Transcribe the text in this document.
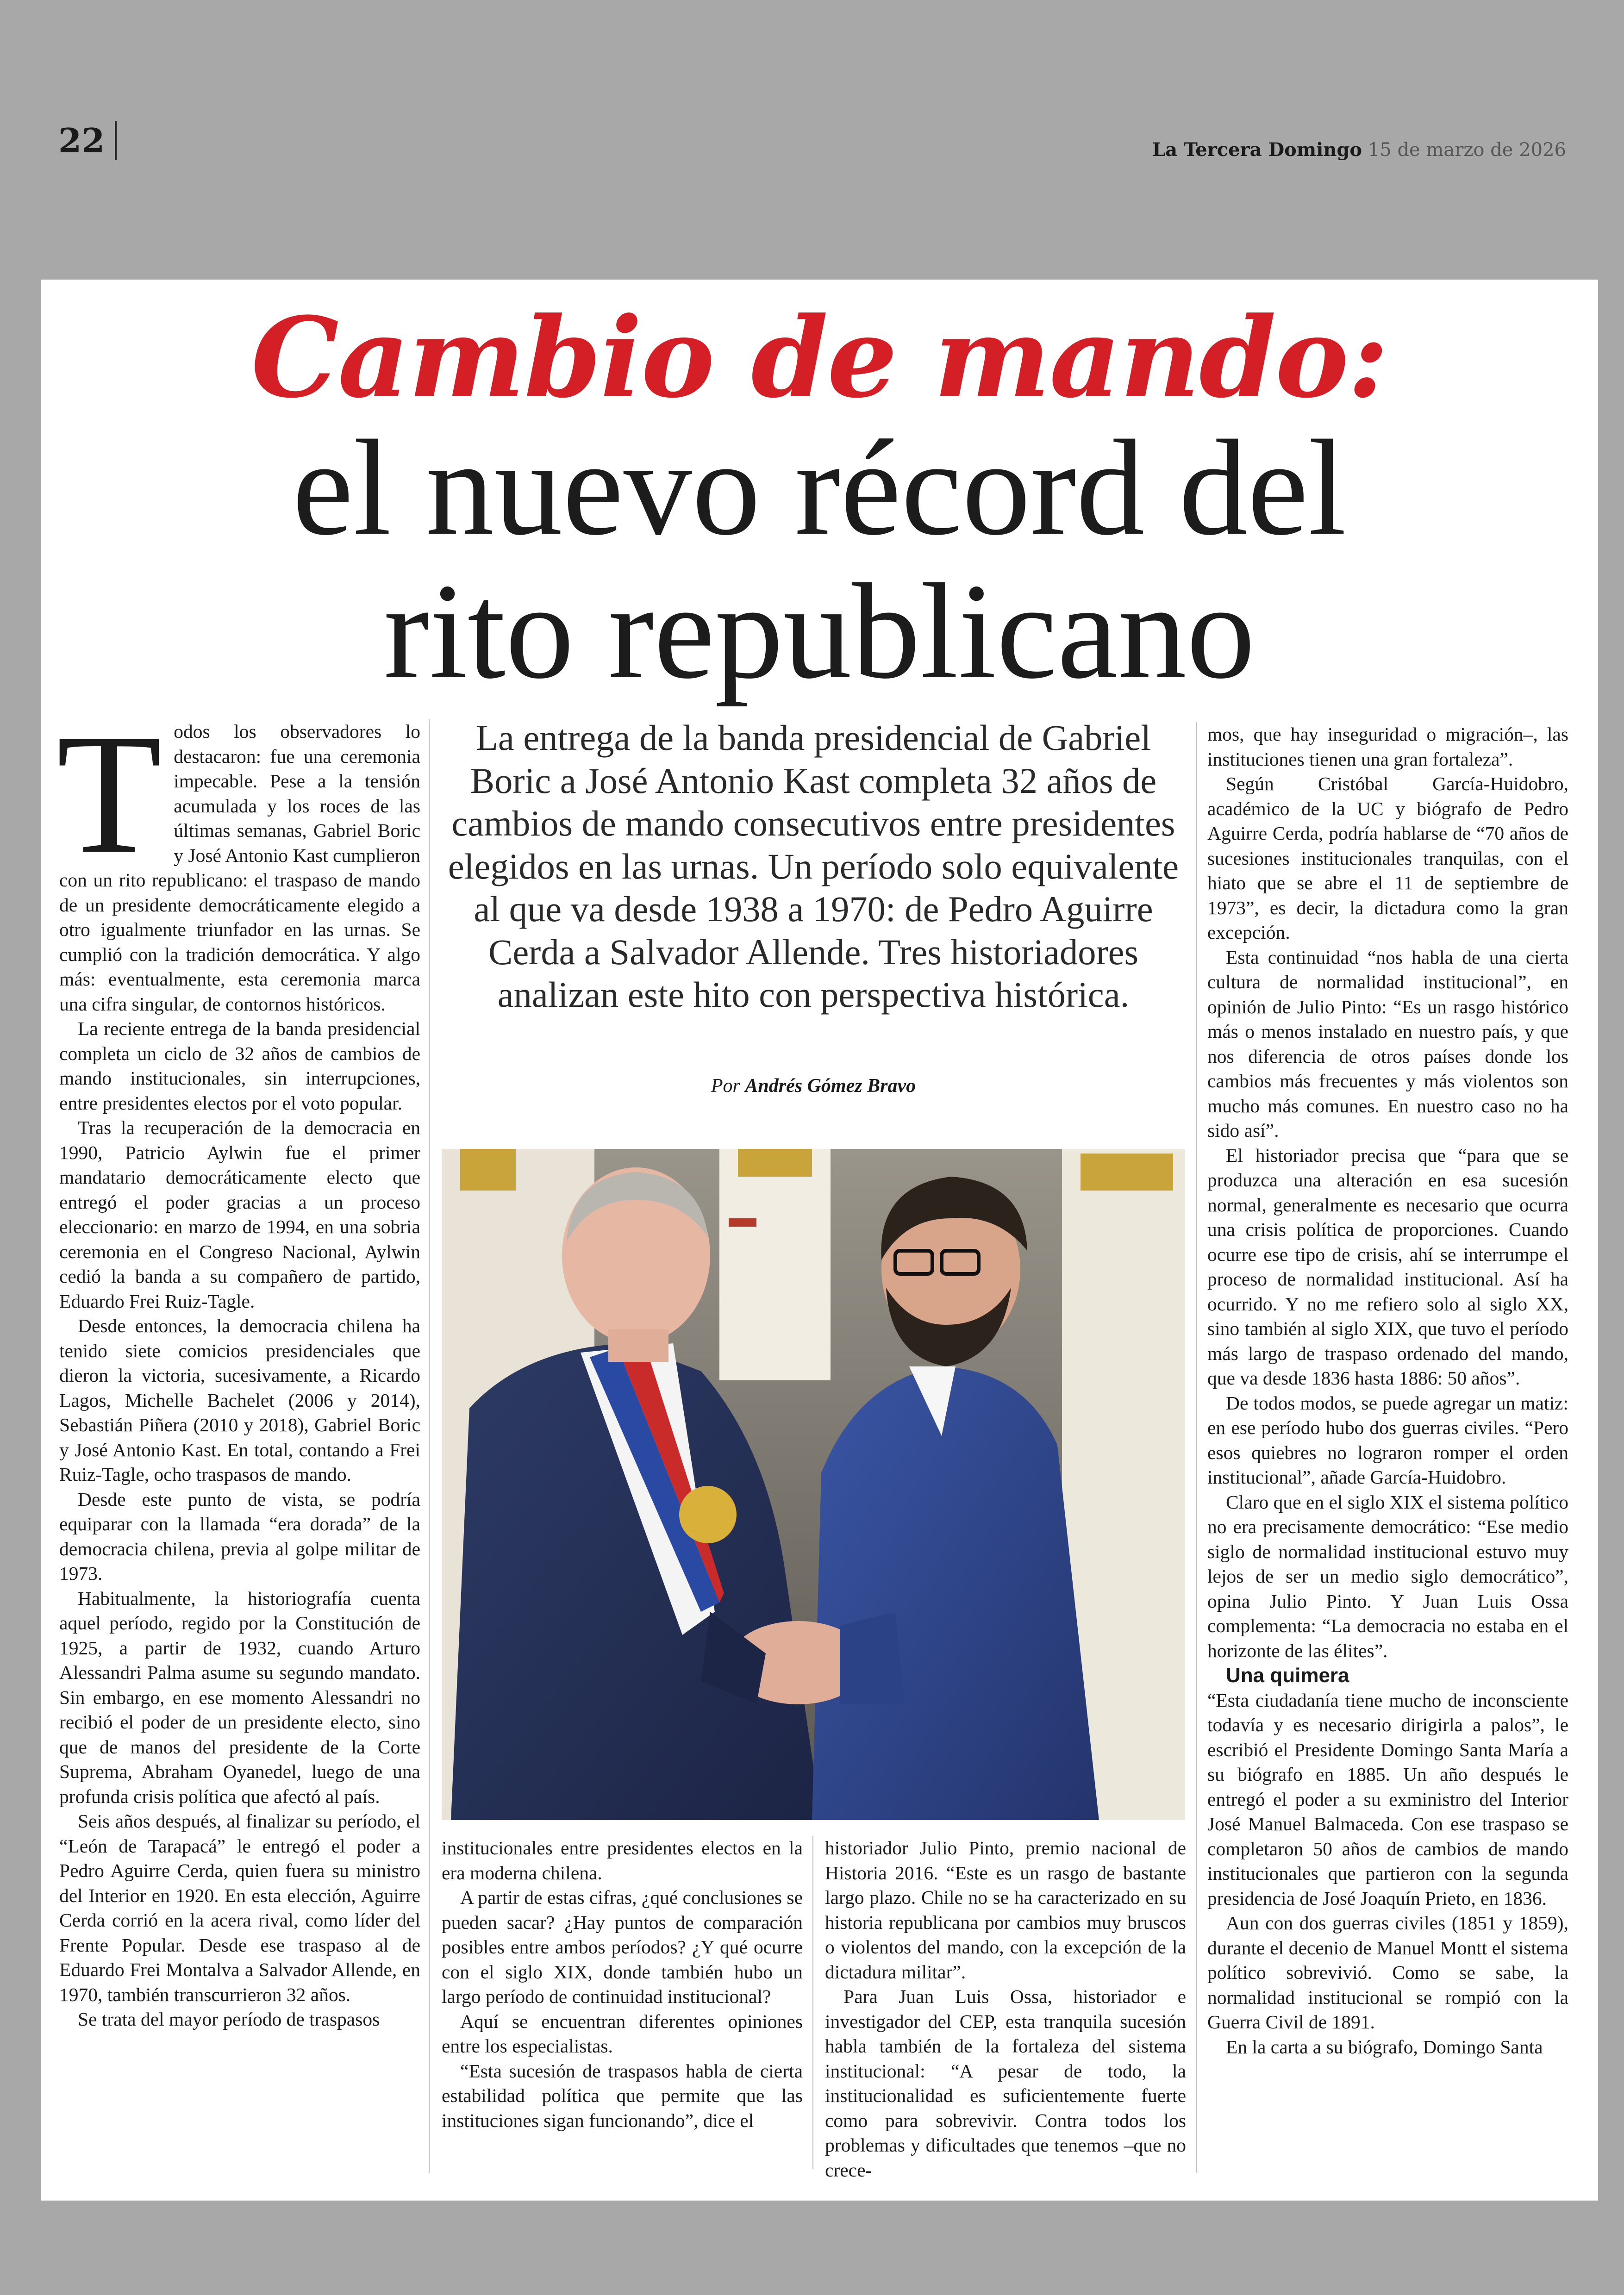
22	La Tercera Domingo 15 de marzo de 2026
Cambio de mando:
el nuevo récord del
rito republicano
T odos los observadores lo destacaron: fue una ceremonia impecable. Pese a la tensión acumulada y los roces de las últimas semanas, Gabriel Boric y José Antonio Kast cumplieron con un rito republicano: el traspaso de mando de un presidente democráticamente elegido a otro igualmente triunfador en las urnas. Se cumplió con la tradición democrática. Y algo más: eventualmente, esta ceremonia marca una cifra singular, de contornos históricos.

La reciente entrega de la banda presidencial completa un ciclo de 32 años de cambios de mando institucionales, sin interrupciones, entre presidentes electos por el voto popular.

Tras la recuperación de la democracia en 1990, Patricio Aylwin fue el primer mandatario democráticamente electo que entregó el poder gracias a un proceso eleccionario: en marzo de 1994, en una sobria ceremonia en el Congreso Nacional, Aylwin cedió la banda a su compañero de partido, Eduardo Frei Ruiz-Tagle.

Desde entonces, la democracia chilena ha tenido siete comicios presidenciales que dieron la victoria, sucesivamente, a Ricardo Lagos, Michelle Bachelet (2006 y 2014), Sebastián Piñera (2010 y 2018), Gabriel Boric y José Antonio Kast. En total, contando a Frei Ruiz-Tagle, ocho traspasos de mando.

Desde este punto de vista, se podría equiparar con la llamada “era dorada” de la democracia chilena, previa al golpe militar de 1973.

Habitualmente, la historiografía cuenta aquel período, regido por la Constitución de 1925, a partir de 1932, cuando Arturo Alessandri Palma asume su segundo mandato. Sin embargo, en ese momento Alessandri no recibió el poder de un presidente electo, sino que de manos del presidente de la Corte Suprema, Abraham Oyanedel, luego de una profunda crisis política que afectó al país.

Seis años después, al finalizar su período, el “León de Tarapacá” le entregó el poder a Pedro Aguirre Cerda, quien fuera su ministro del Interior en 1920. En esta elección, Aguirre Cerda corrió en la acera rival, como líder del Frente Popular. Desde ese traspaso al de Eduardo Frei Montalva a Salvador Allende, en 1970, también transcurrieron 32 años.

Se trata del mayor período de traspasos

La entrega de la banda presidencial de Gabriel Boric a José Antonio Kast completa 32 años de cambios de mando consecutivos entre presidentes elegidos en las urnas. Un período solo equivalente al que va desde 1938 a 1970: de Pedro Aguirre Cerda a Salvador Allende. Tres historiadores analizan este hito con perspectiva histórica.
Por Andrés Gómez Bravo

institucionales entre presidentes electos en la era moderna chilena.

A partir de estas cifras, ¿qué conclusiones se pueden sacar? ¿Hay puntos de comparación posibles entre ambos períodos? ¿Y qué ocurre con el siglo XIX, donde también hubo un largo período de continuidad institucional?

Aquí se encuentran diferentes opiniones entre los especialistas.

“Esta sucesión de traspasos habla de cierta estabilidad política que permite que las instituciones sigan funcionando”, dice el

historiador Julio Pinto, premio nacional de Historia 2016. “Este es un rasgo de bastante largo plazo. Chile no se ha caracterizado en su historia republicana por cambios muy bruscos o violentos del mando, con la excepción de la dictadura militar”.

Para Juan Luis Ossa, historiador e investigador del CEP, esta tranquila sucesión habla también de la fortaleza del sistema institucional: “A pesar de todo, la institucionalidad es suficientemente fuerte como para sobrevivir. Contra todos los problemas y dificultades que tenemos –que no crece-

mos, que hay inseguridad o migración–, las instituciones tienen una gran fortaleza”.

Según Cristóbal García-Huidobro, académico de la UC y biógrafo de Pedro Aguirre Cerda, podría hablarse de “70 años de sucesiones institucionales tranquilas, con el hiato que se abre el 11 de septiembre de 1973”, es decir, la dictadura como la gran excepción.

Esta continuidad “nos habla de una cierta cultura de normalidad institucional”, en opinión de Julio Pinto: “Es un rasgo histórico más o menos instalado en nuestro país, y que nos diferencia de otros países donde los cambios más frecuentes y más violentos son mucho más comunes. En nuestro caso no ha sido así”.

El historiador precisa que “para que se produzca una alteración en esa sucesión normal, generalmente es necesario que ocurra una crisis política de proporciones. Cuando ocurre ese tipo de crisis, ahí se interrumpe el proceso de normalidad institucional. Así ha ocurrido. Y no me refiero solo al siglo XX, sino también al siglo XIX, que tuvo el período más largo de traspaso ordenado del mando, que va desde 1836 hasta 1886: 50 años”.

De todos modos, se puede agregar un matiz: en ese período hubo dos guerras civiles. “Pero esos quiebres no lograron romper el orden institucional”, añade García-Huidobro.

Claro que en el siglo XIX el sistema político no era precisamente democrático: “Ese medio siglo de normalidad institucional estuvo muy lejos de ser un medio siglo democrático”, opina Julio Pinto. Y Juan Luis Ossa complementa: “La democracia no estaba en el horizonte de las élites”.

Una quimera

“Esta ciudadanía tiene mucho de inconsciente todavía y es necesario dirigirla a palos”, le escribió el Presidente Domingo Santa María a su biógrafo en 1885. Un año después le entregó el poder a su exministro del Interior José Manuel Balmaceda. Con ese traspaso se completaron 50 años de cambios de mando institucionales que partieron con la segunda presidencia de José Joaquín Prieto, en 1836.

Aun con dos guerras civiles (1851 y 1859), durante el decenio de Manuel Montt el sistema político sobrevivió. Como se sabe, la normalidad institucional se rompió con la Guerra Civil de 1891.

En la carta a su biógrafo, Domingo Santa
